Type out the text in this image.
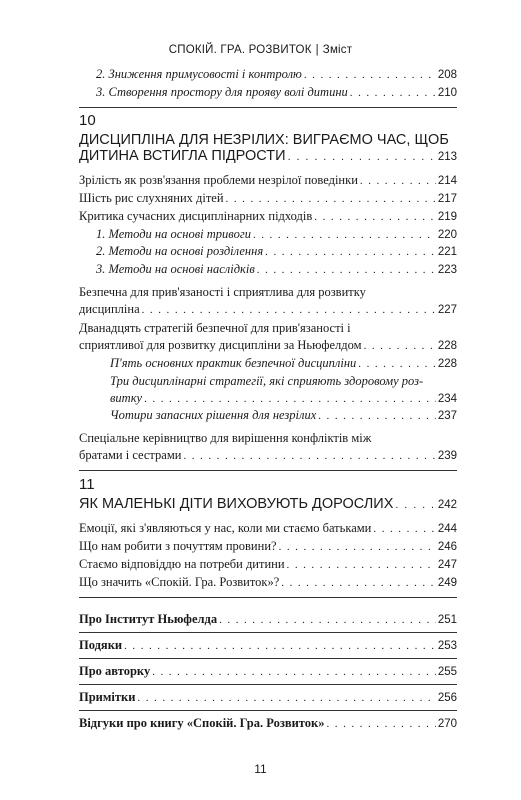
СПОКІЙ. ГРА. РОЗВИТОК | Зміст
2. Зниження примусовості і контролю . . .	208
3. Створення простору для прояву волі дитини . . .	210
10
ДИСЦИПЛІНА ДЛЯ НЕЗРІЛИХ: ВИГРАЄМО ЧАС, ЩОБ
ДИТИНА ВСТИГЛА ПІДРОСТИ . . .	213
Зрілість як розв'язання проблеми незрілої поведінки . . .	214
Шість рис слухняних дітей . . .	217
Критика сучасних дисциплінарних підходів . . .	219
1. Методи на основі тривоги . . .	220
2. Методи на основі розділення . . .	221
3. Методи на основі наслідків . . .	223
Безпечна для прив'язаності і сприятлива для розвитку
дисципліна . . .	227
Дванадцять стратегій безпечної для прив'язаності і
сприятливої для розвитку дисципліни за Ньюфелдом . . .	228
П'ять основних практик безпечної дисципліни . . .	228
Три дисциплінарні стратегії, які сприяють здоровому роз-
витку . . .	234
Чотири запасних рішення для незрілих . . .	237
Спеціальне керівництво для вирішення конфліктів між
братами і сестрами . . .	239
11
ЯК МАЛЕНЬКІ ДІТИ ВИХОВУЮТЬ ДОРОСЛИХ . . .	242
Емоції, які з'являються у нас, коли ми стаємо батьками . . .	244
Що нам робити з почуттям провини? . . .	246
Стаємо відповіддю на потреби дитини . . .	247
Що значить «Спокій. Гра. Розвиток»? . . .	249
Про Інститут Ньюфелда . . .	251
Подяки . . .	253
Про авторку . . .	255
Примітки . . .	256
Відгуки про книгу «Спокій. Гра. Розвиток» . . .	270
11
